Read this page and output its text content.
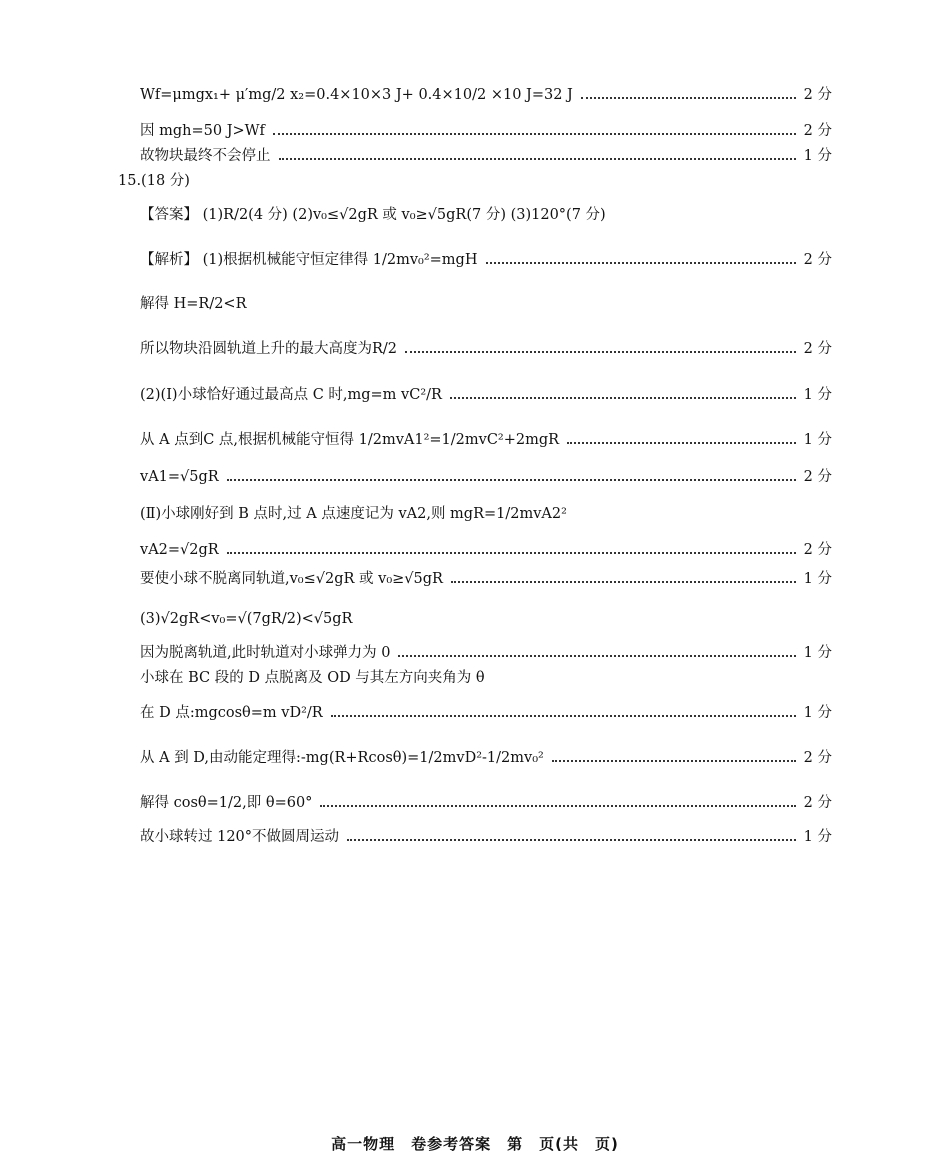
Wf=μmgx₁+ μ′mg/2 x₂=0.4×10×3 J+ 0.4×10/2 ×10 J=32 J	2 分
因 mgh=50 J>Wf	2 分
故物块最终不会停止	1 分
15.(18 分)
【答案】 (1)R/2(4 分) (2)v₀≤√2gR 或 v₀≥√5gR(7 分) (3)120°(7 分)
【解析】 (1)根据机械能守恒定律得 1/2mv₀²=mgH	2 分
解得 H=R/2<R
所以物块沿圆轨道上升的最大高度为R/2	2 分
(2)(Ⅰ)小球恰好通过最高点 C 时,mg=m vC²/R	1 分
从 A 点到C 点,根据机械能守恒得 1/2mvA1²=1/2mvC²+2mgR	1 分
vA1=√5gR	2 分
(Ⅱ)小球刚好到 B 点时,过 A 点速度记为 vA2,则 mgR=1/2mvA2²
vA2=√2gR	2 分
要使小球不脱离同轨道,v₀≤√2gR 或 v₀≥√5gR	1 分
(3)√2gR<v₀=√(7gR/2)<√5gR
因为脱离轨道,此时轨道对小球弹力为 0	1 分
小球在 BC 段的 D 点脱离及 OD 与其左方向夹角为 θ
在 D 点:mgcosθ=m vD²/R	1 分
从 A 到 D,由动能定理得:-mg(R+Rcosθ)=1/2mvD²-1/2mv₀²	2 分
解得 cosθ=1/2,即 θ=60°	2 分
故小球转过 120°不做圆周运动	1 分
高一物理　卷参考答案　第　页(共　页)
